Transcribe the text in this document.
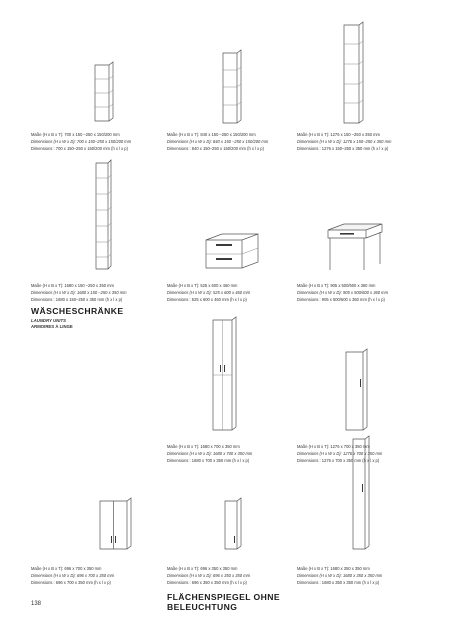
Maße (H x B x T): 700 x 150 –250 x 150/200 mm
Dimensions (H x W x D): 700 x 150–250 x 150/200 mm
Dimensions : 700 x 150–250 x 150/200 mm (h x l x p)
Maße (H x B x T): 840 x 150 –250 x 150/200 mm
Dimensions (H x W x D): 840 x 150 –250 x 150/200 mm
Dimensions : 840 x 150–250 x 150/200 mm (h x l x p)
Maße (H x B x T): 1276 x 150 –250 x 350 mm
Dimensions (H x W x D): 1276 x 150–250 x 350 mm
Dimensions : 1276 x 150–250 x 350 mm (h x l x p)
Maße (H x B x T): 1680 x 150 –250 x 350 mm
Dimensions (H x W x D): 1680 x 150 –250 x 350 mm
Dimensions : 1680 x 150–250 x 350 mm (h x l x p)
Maße (H x B x T): 525 x 600 x 460 mm
Dimensions (H x W x D): 525 x 600 x 460 mm
Dimensions : 525 x 600 x 460 mm (h x l x p)
Maße (H x B x T): 905 x 500/600 x 360 mm
Dimensions (H x W x D): 905 x 500/600 x 360 mm
Dimensions : 905 x 500/600 x 360 mm (h x l x p)
WÄSCHESCHRÄNKE
LAUNDRY UNITS
ARMOIRES À LINGE
Maße (H x B x T): 1680 x 700 x 350 mm
Dimensions (H x W x D): 1680 x 700 x 350 mm
Dimensions : 1680 x 700 x 350 mm (h x l x p)
Maße (H x B x T): 1276 x 700 x 350 mm
Dimensions (H x W x D): 1276 x 700 x 350 mm
Dimensions : 1276 x 700 x 350 mm (h x l x p)
Maße (H x B x T): 696 x 700 x 350 mm
Dimensions (H x W x D): 696 x 700 x 350 mm
Dimensions : 696 x 700 x 350 mm (h x l x p)
Maße (H x B x T): 696 x 350 x 350 mm
Dimensions (H x W x D): 696 x 350 x 350 mm
Dimensions : 696 x 350 x 350 mm (h x l x p)
Maße (H x B x T): 1680 x 350 x 350 mm
Dimensions (H x W x D): 1680 x 350 x 350 mm
Dimensions : 1680 x 350 x 350 mm (h x l x p)
FLÄCHENSPIEGEL OHNE BELEUCHTUNG
138
